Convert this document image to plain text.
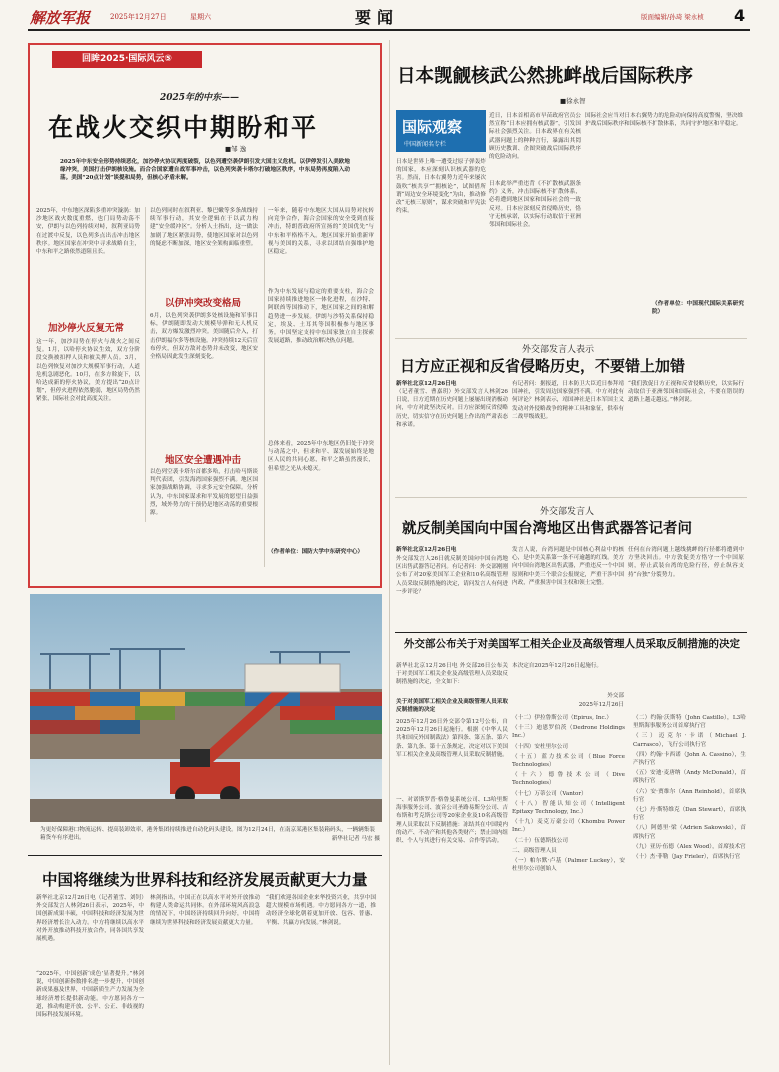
解放军报	2025年12月27日	星期六	要闻	版面编辑/孙琦 梁永桢 4
回眸2025·国际风云⑤
2025年的中东——
在战火交织中期盼和平
■邹 逸
2025年中东安全形势持续恶化，加沙停火协议两度破裂，以色列遭空袭伊朗引发大国主义危机。以伊停发引入美欧地缘冲突，美国打击伊朗核设施。而合合国家遭自战军事冲击，以色列突袭卡塔尔打破地区秩序，中东局势再度陷入动荡。美国“20点计划”谈提和局势，但核心矛盾未解。
2025年，中东地区深陷多重冲突漩涡：加沙地区战火数度重燃，也门局势动荡不安，伊朗与以色列持续对峙，叙利亚局势在过渡中反复，以色列多点出击冲击地区秩序。地区国家在冲突中寻求战略自主，中东和平之路依然道阻且长。
加沙停火反复无常
这一年，加沙局势在停火与战火之间反复。1月，以哈停火协议生效，双方分阶段交换被扣押人员和被关押人员。3月，以色列恢复对加沙大规模军事行动，人道危机急剧恶化。10月，在多方斡旋下，以哈达成新的停火协议，美方提出“20点计划”，但停火进程依然脆弱，地区局势仍然紧张，国际社会对此高度关注。
以色列同时在叙利亚、黎巴嫩等多条战线持续军事行动，其安全逻辑在于以武力构建“安全缓冲区”。分析人士指出，这一做法加剧了地区紧张局势，使地区国家对以色列的疑虑不断加深，地区安全架构面临重塑。
以伊冲突改变格局
6月，以色列突袭伊朗多处核设施和军事目标，伊朗随即发动大规模导弹和无人机反击，双方爆发激烈冲突。美国随后介入，打击伊朗福尔多等核设施。冲突持续12天后宣布停火，但双方敌对态势并未改变，地区安全格局因此发生深刻变化。
地区安全遭遇冲击
以色列空袭卡塔尔首都多哈，打击哈马斯谈判代表团，引发海湾国家强烈不满。地区国家加强战略协调，寻求多元安全保障。分析认为，中东国家谋求和平发展的愿望日益强烈，域外势力的干预仍是地区动荡的重要根源。
一年来，随着中东地区大国从局势对抗转向竞争合作，海合会国家的安全受到直接冲击，特朗普政府所宣扬的“美国优先”与中东和平格格不入。地区国家开始重新审视与美国的关系，寻求以团结自强维护地区稳定。
作为中东发展与稳定的重要支柱，海合会国家持续推进地区一体化进程，在沙特、阿联酋等国推动下，地区国家之间的和解趋势进一步发展。伊朗与沙特关系保持稳定，埃及、土耳其等国积极参与地区事务。中国坚定支持中东国家独立自主探索发展道路，推动政治解决热点问题。
总体来看，2025年中东地区仍旧处于冲突与动荡之中，但求和平、谋发展始终是地区人民的共同心愿，和平之路虽然漫长，但希望之光从未熄灭。
（作者单位：国防大学中东研究中心）
日本觊觎核武公然挑衅战后国际秩序
■徐永智
国际观察
中国新闻名专栏
近日，日本首相高市早苗政府官员公然宣称“日本应拥有核武器”，引发国际社会强烈关注。日本政界在有关核武器问题上的种种言行，暴露出其罔顾历史教训、企图突破战后国际秩序的危险动向。
日本是世界上唯一遭受过原子弹轰炸的国家，本应深刻认识核武器的危害。然而，日本右翼势力近年来屡次鼓吹“核共享”“拥核论”，试图借所谓“周边安全环境变化”为由，推动修改“无核三原则”，谋求突破和平宪法约束。
日本此举严重违背《不扩散核武器条约》义务，冲击国际核不扩散体系，必将遭到地区国家和国际社会的一致反对。日本应深刻反省侵略历史，恪守无核承诺，以实际行动取信于亚洲邻国和国际社会。
国际社会应当对日本右翼势力的危险动向保持高度警惕，坚决维护战后国际秩序和国际核不扩散体系，共同守护地区和平稳定。
（作者单位：中国现代国际关系研究院）
外交部发言人表示
日方应正视和反省侵略历史，不要错上加错
新华社北京12月26日电
（记者董雪、曹嘉玥）外交部发言人林剑26日说，日方近期在历史问题上屡屡出现消极动向，中方对此坚决反对。日方应深刻反省侵略历史，切实信守在历史问题上作出的严肃表态和承诺。
有记者问：据报道，日本防卫大臣近日参拜靖国神社，引发周边国家强烈不满。中方对此有何评论？林剑表示，靖国神社是日本军国主义发动对外侵略战争的精神工具和象征，供奉有二战甲级战犯。
“我们敦促日方正视和反省侵略历史，以实际行动取信于亚洲邻国和国际社会，不要在错误的道路上越走越远。”林剑说。
外交部发言人
就反制美国向中国台湾地区出售武器答记者问
新华社北京12月26日电
外交部发言人26日就反制美国向中国台湾地区出售武器答记者问。有记者问：外交部刚刚公布了对20家美国军工企业和10名高级管理人员采取反制措施的决定，请问发言人有何进一步评论？
发言人说，台湾问题是中国核心利益中的核心，是中美关系第一条不可逾越的红线。美方向中国台湾地区出售武器，严重违反一个中国原则和中美三个联合公报规定，严重干涉中国内政，严重损害中国主权和领土完整。
任何在台湾问题上越线挑衅的行径都将遭到中方坚决回击。中方敦促美方恪守一个中国原则，停止武装台湾的危险行径，停止纵容支持“台独”分裂势力。
外交部公布关于对美国军工相关企业及高级管理人员采取反制措施的决定
新华社北京12月26日电 外交部26日公布关于对美国军工相关企业及高级管理人员采取反制措施的决定，全文如下：
关于对美国军工相关企业及高级管理人员采取反制措施的决定
2025年12月26日外交部令第12号公布，自2025年12月26日起施行。根据《中华人民共和国反外国制裁法》第四条、第五条、第六条、第九条、第十五条规定，决定对以下美国军工相关企业及高级管理人员采取反制措施。
一、对诺斯罗普·格鲁曼系统公司、L3哈里斯海事服务公司、波音公司圣路易斯分公司、吉布斯和考克斯公司等20家企业及10名高级管理人员采取以下反制措施：冻结其在中国境内的动产、不动产和其他各类财产；禁止国内组织、个人与其进行有关交易、合作等活动。
本决定自2025年12月26日起施行。
外交部
2025年12月26日
（十二）伊拉鲁斯公司（Epirus, Inc.）
（十三）迪恩罗伯茨（Dedrone Holdings Inc.）
（十四）安杜里尔公司
（十五）蓝力技术公司（Blue Force Technologies）
（十六）德鲁技术公司（Dive Technologies）
（十七）万蒂公司（Vantor）
（十八）智能认知公司（Intelligent Epitaxy Technology, Inc.）
（十九）麦克万豪公司（Khombu Power Inc.）
（二十）伍德斯技公司
二、高级管理人员
（一）帕尔默·卢基（Palmer Luckey），安杜里尔公司创始人
（二）约翰·沃斯特（John Castillo），L3哈里斯海事服务公司首席执行官
（三）迈克尔·卡诺（Michael J. Carrasco），飞行公司执行官
（四）约翰·卡西诺（John A. Cassino），生产执行官
（五）安迪·麦唐纳（Andy McDonald），首席执行官
（六）安·贾维尔（Ann Reinhold），首席执行官
（七）丹·斯特维克（Dan Stewart），首席执行官
（八）阿德里·梁（Adrien Sakowski），首席执行官
（九）亚历·伍德（Alex Wood），首席技术官
（十）杰·菲勒（Jay Frieler），首席执行官
为更好保障港口物流运转、提高装卸效率，港务集团持续推进自动化码头建设。图为12月24日，在南京某港区集装箱码头，一辆辆集装箱货车有序进出。	新华社记者 马宏 摄
中国将继续为世界科技和经济发展贡献更大力量
新华社北京12月26日电（记者董雪、刘钊）外交部发言人林剑26日表示，2025年，中国创新成果丰硕，中国科技和经济发展为世界经济增长注入动力。中方将继续以高水平对外开放推动科技开放合作，同各国共享发展机遇。
“2025年，中国创新‘成色’显著提升。”林剑说，中国创新指数排名进一步提升，中国创新成果惠及世界，中国新质生产力发展为全球经济增长提供新动能。中方愿同各方一道，推动构建开放、公平、公正、非歧视的国际科技发展环境。
林剑指出，中国正在以高水平对外开放推动构建人类命运共同体。在外部环境风高浪急的情况下，中国经济持续回升向好，中国将继续为世界科技和经济发展贡献更大力量。
“我们欢迎各国企业来华投资兴业，共享中国超大规模市场机遇。中方愿同各方一道，推动经济全球化朝着更加开放、包容、普惠、平衡、共赢方向发展。”林剑说。
